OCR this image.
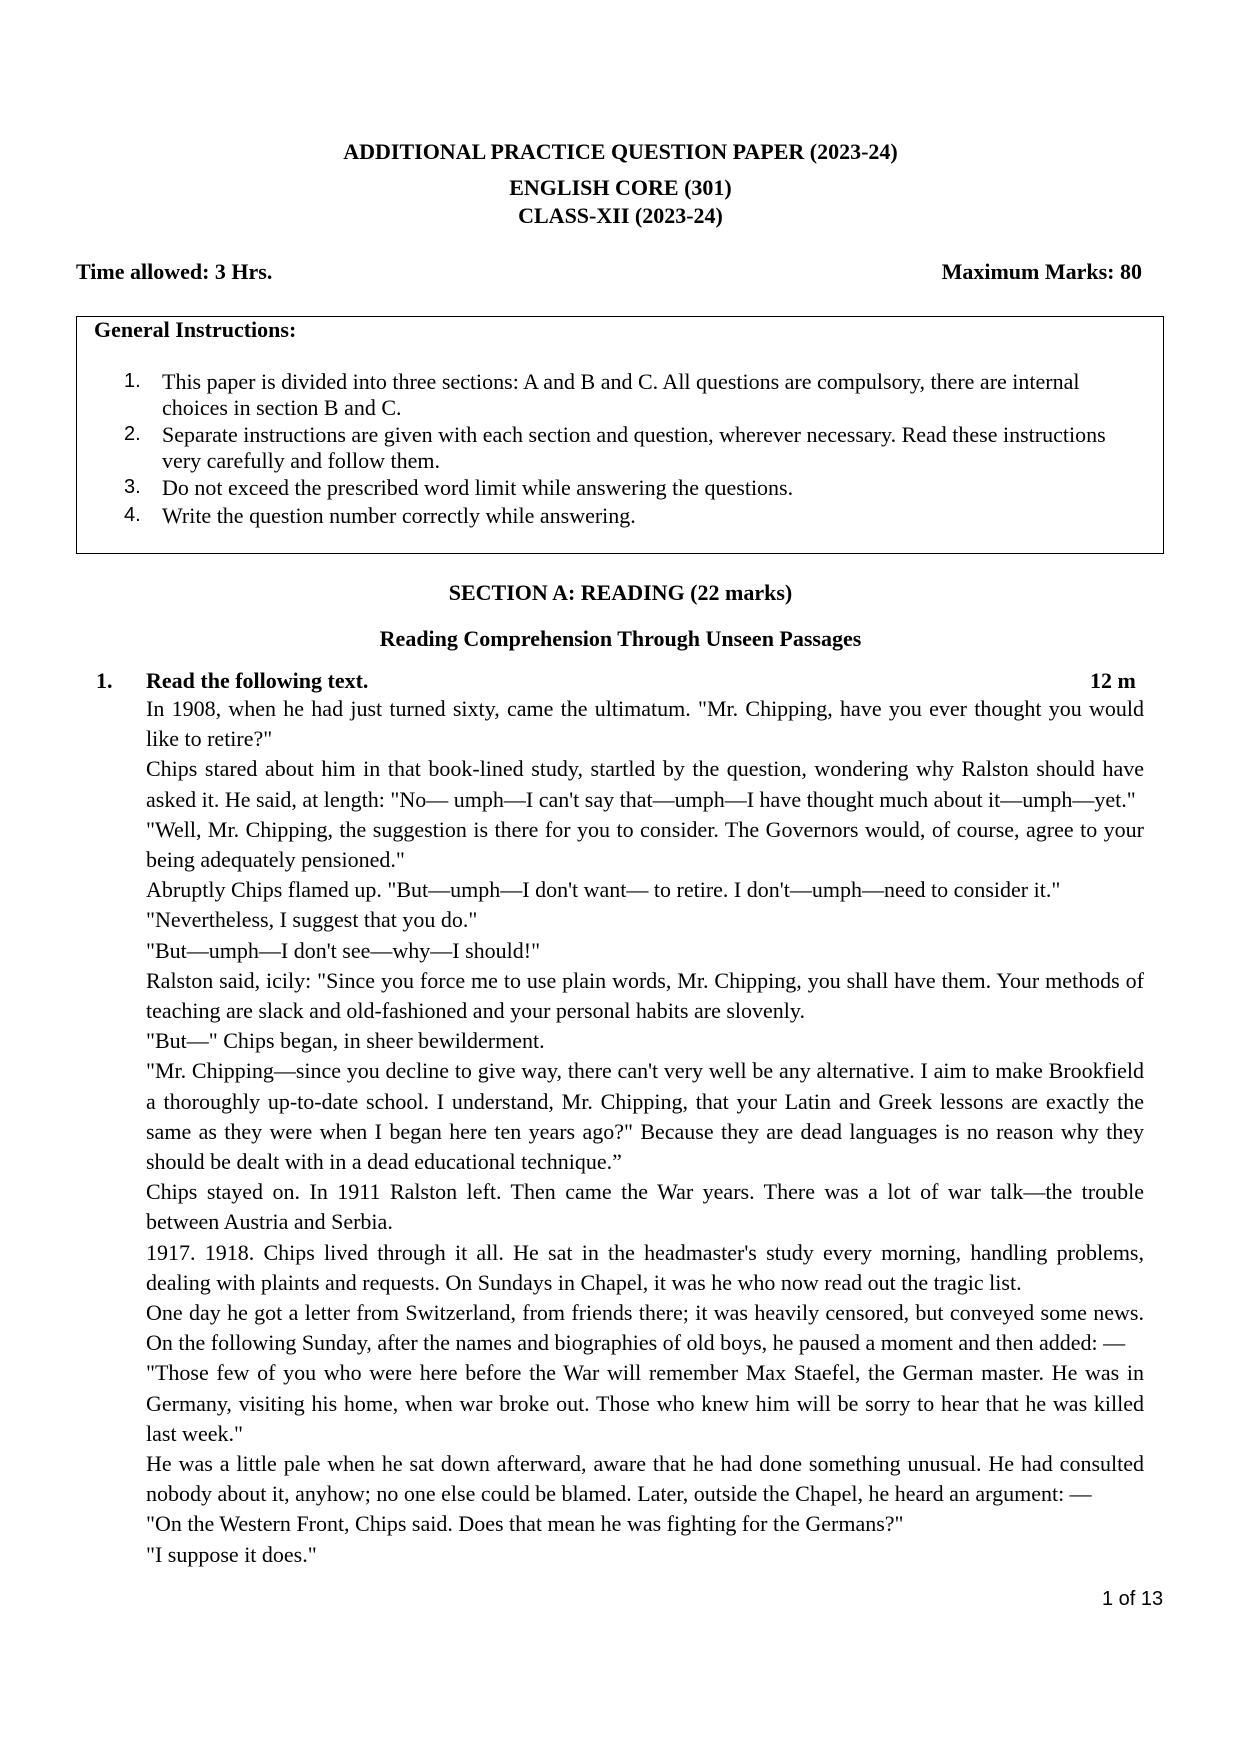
ADDITIONAL PRACTICE QUESTION PAPER (2023-24)
ENGLISH CORE (301)
CLASS-XII (2023-24)
Time allowed: 3 Hrs.	Maximum Marks: 80
General Instructions:
1. This paper is divided into three sections: A and B and C. All questions are compulsory, there are internal choices in section B and C.
2. Separate instructions are given with each section and question, wherever necessary. Read these instructions very carefully and follow them.
3. Do not exceed the prescribed word limit while answering the questions.
4. Write the question number correctly while answering.
SECTION A: READING (22 marks)
Reading Comprehension Through Unseen Passages
1. Read the following text.	12 m

In 1908, when he had just turned sixty, came the ultimatum. "Mr. Chipping, have you ever thought you would like to retire?"

Chips stared about him in that book-lined study, startled by the question, wondering why Ralston should have asked it. He said, at length: "No— umph—I can't say that—umph—I have thought much about it—umph—yet."

"Well, Mr. Chipping, the suggestion is there for you to consider. The Governors would, of course, agree to your being adequately pensioned."

Abruptly Chips flamed up. "But—umph—I don't want— to retire. I don't—umph—need to consider it."

"Nevertheless, I suggest that you do."

"But—umph—I don't see—why—I should!"

Ralston said, icily: "Since you force me to use plain words, Mr. Chipping, you shall have them. Your methods of teaching are slack and old-fashioned and your personal habits are slovenly.

"But—" Chips began, in sheer bewilderment.

"Mr. Chipping—since you decline to give way, there can't very well be any alternative. I aim to make Brookfield a thoroughly up-to-date school. I understand, Mr. Chipping, that your Latin and Greek lessons are exactly the same as they were when I began here ten years ago?" Because they are dead languages is no reason why they should be dealt with in a dead educational technique.”

Chips stayed on. In 1911 Ralston left. Then came the War years. There was a lot of war talk—the trouble between Austria and Serbia.

1917. 1918. Chips lived through it all. He sat in the headmaster's study every morning, handling problems, dealing with plaints and requests. On Sundays in Chapel, it was he who now read out the tragic list.

One day he got a letter from Switzerland, from friends there; it was heavily censored, but conveyed some news. On the following Sunday, after the names and biographies of old boys, he paused a moment and then added: —

"Those few of you who were here before the War will remember Max Staefel, the German master. He was in Germany, visiting his home, when war broke out. Those who knew him will be sorry to hear that he was killed last week."

He was a little pale when he sat down afterward, aware that he had done something unusual. He had consulted nobody about it, anyhow; no one else could be blamed. Later, outside the Chapel, he heard an argument: —

"On the Western Front, Chips said. Does that mean he was fighting for the Germans?"

"I suppose it does."

1 of 13
